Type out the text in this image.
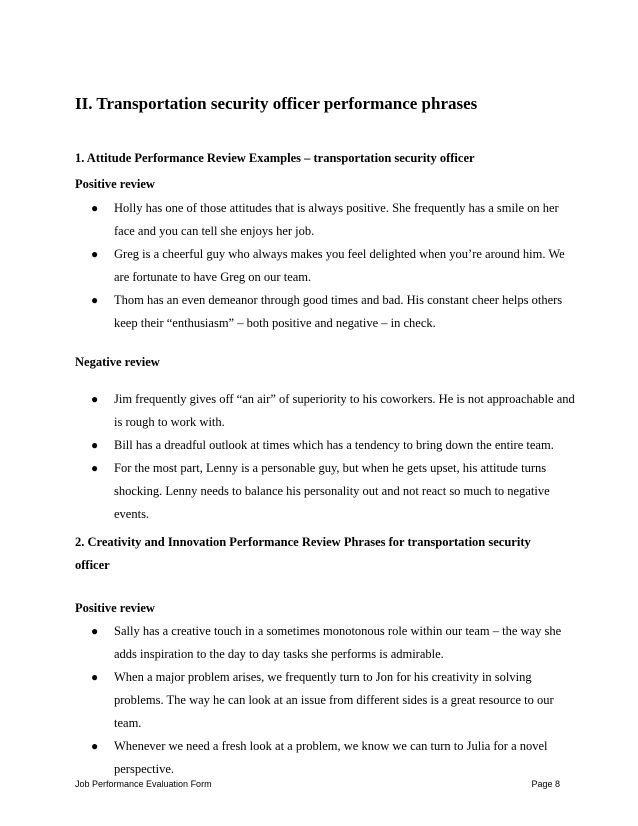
II. Transportation security officer performance phrases
1. Attitude Performance Review Examples – transportation security officer
Positive review
● Holly has one of those attitudes that is always positive. She frequently has a smile on her face and you can tell she enjoys her job.
● Greg is a cheerful guy who always makes you feel delighted when you’re around him. We are fortunate to have Greg on our team.
● Thom has an even demeanor through good times and bad. His constant cheer helps others keep their “enthusiasm” – both positive and negative – in check.
Negative review
● Jim frequently gives off “an air” of superiority to his coworkers. He is not approachable and is rough to work with.
● Bill has a dreadful outlook at times which has a tendency to bring down the entire team.
● For the most part, Lenny is a personable guy, but when he gets upset, his attitude turns shocking. Lenny needs to balance his personality out and not react so much to negative events.
2. Creativity and Innovation Performance Review Phrases for transportation security officer
Positive review
● Sally has a creative touch in a sometimes monotonous role within our team – the way she adds inspiration to the day to day tasks she performs is admirable.
● When a major problem arises, we frequently turn to Jon for his creativity in solving problems. The way he can look at an issue from different sides is a great resource to our team.
● Whenever we need a fresh look at a problem, we know we can turn to Julia for a novel perspective.
Job Performance Evaluation Form	Page 8
